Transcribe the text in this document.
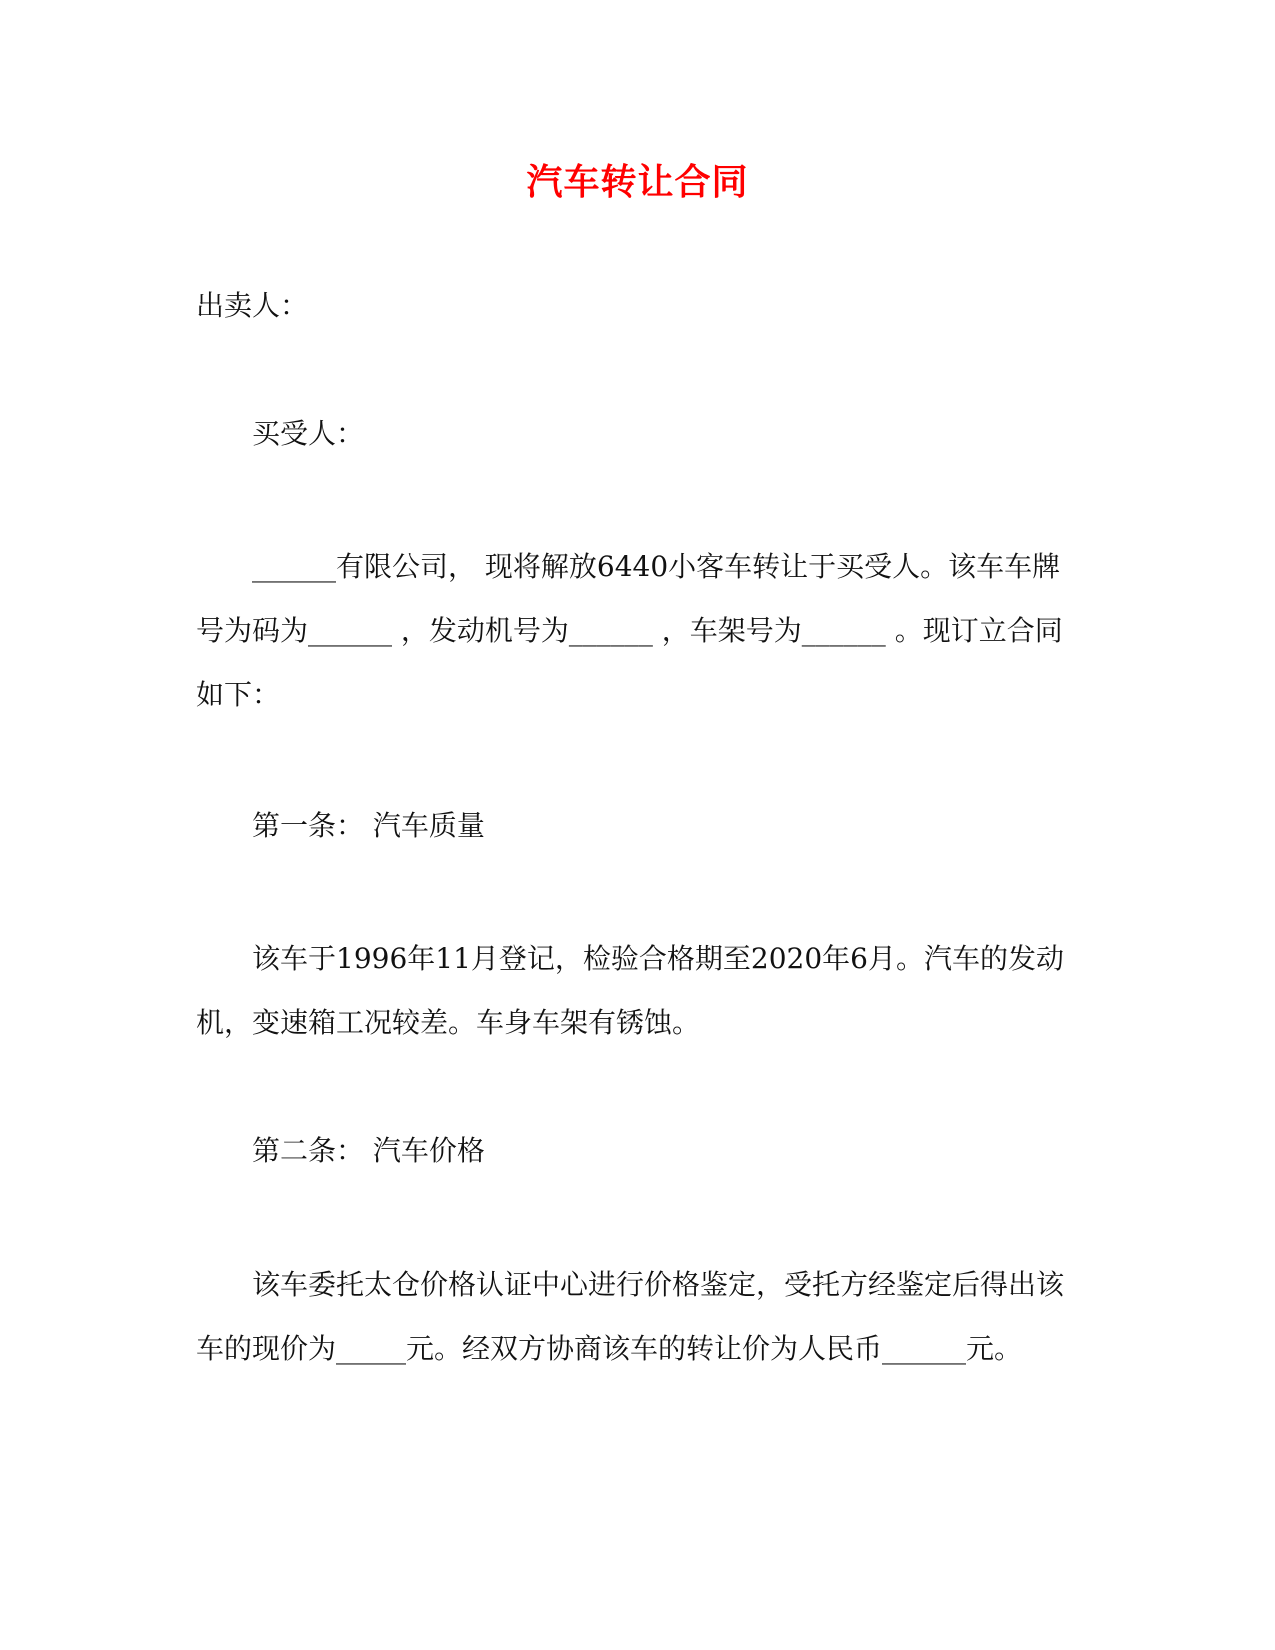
汽车转让合同
出卖人：
买受人：
______有限公司， 现将解放6440小客车转让于买受人。该车车牌号为码为______ ，发动机号为______ ，车架号为______ 。现订立合同如下：
第一条： 汽车质量
该车于1996年11月登记，检验合格期至2020年6月。汽车的发动机，变速箱工况较差。车身车架有锈蚀。
第二条： 汽车价格
该车委托太仓价格认证中心进行价格鉴定，受托方经鉴定后得出该车的现价为_____元。经双方协商该车的转让价为人民币______元。
